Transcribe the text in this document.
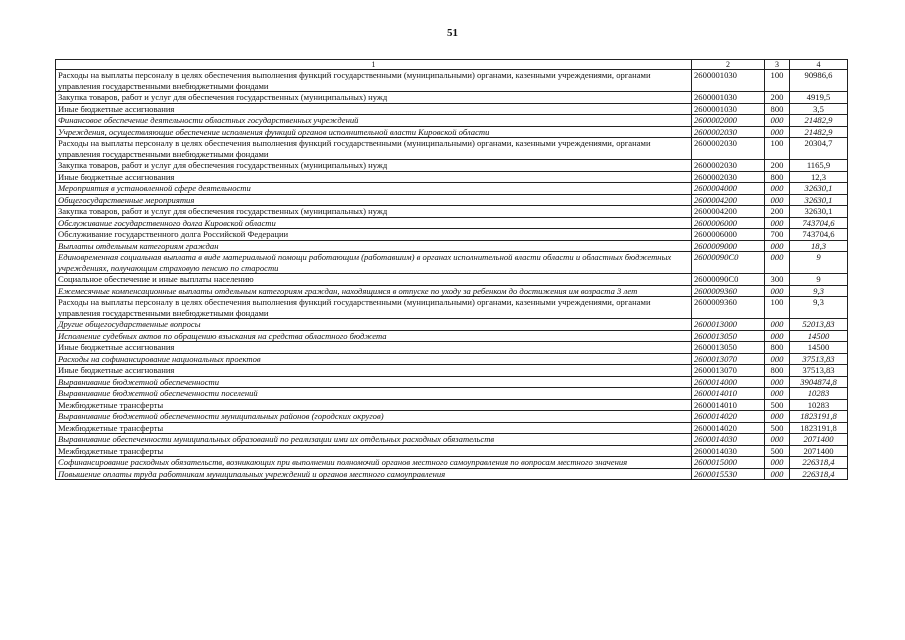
51
1	2	3	4
Расходы на выплаты персоналу в целях обеспечения выполнения функций государственными (муниципальными) органами, казенными учреждениями, органами управления государственными внебюджетными фондами	2600001030	100	90986,6
Закупка товаров, работ и услуг для обеспечения государственных (муниципальных) нужд	2600001030	200	4919,5
Иные бюджетные ассигнования	2600001030	800	3,5
Финансовое обеспечение деятельности областных государственных учреждений	2600002000	000	21482,9
Учреждения, осуществляющие обеспечение исполнения функций органов исполнительной власти Кировской области	2600002030	000	21482,9
Расходы на выплаты персоналу в целях обеспечения выполнения функций государственными (муниципальными) органами, казенными учреждениями, органами управления государственными внебюджетными фондами	2600002030	100	20304,7
Закупка товаров, работ и услуг для обеспечения государственных (муниципальных) нужд	2600002030	200	1165,9
Иные бюджетные ассигнования	2600002030	800	12,3
Мероприятия в установленной сфере деятельности	2600004000	000	32630,1
Общегосударственные мероприятия	2600004200	000	32630,1
Закупка товаров, работ и услуг для обеспечения государственных (муниципальных) нужд	2600004200	200	32630,1
Обслуживание государственного долга Кировской области	2600006000	000	743704,6
Обслуживание государственного долга Российской Федерации	2600006000	700	743704,6
Выплаты отдельным категориям граждан	2600009000	000	18,3
Единовременная социальная выплата в виде материальной помощи работающим (работавшим) в органах исполнительной власти области и областных бюджетных учреждениях, получающим страховую пенсию по старости	26000090С0	000	9
Социальное обеспечение и иные выплаты населению	26000090С0	300	9
Ежемесячные компенсационные выплаты отдельным категориям граждан, находящимся в отпуске по уходу за ребенком до достижения им возраста 3 лет	2600009360	000	9,3
Расходы на выплаты персоналу в целях обеспечения выполнения функций государственными (муниципальными) органами, казенными учреждениями, органами управления государственными внебюджетными фондами	2600009360	100	9,3
Другие общегосударственные вопросы	2600013000	000	52013,83
Исполнение судебных актов по обращению взыскания на средства областного бюджета	2600013050	000	14500
Иные бюджетные ассигнования	2600013050	800	14500
Расходы на софинансирование национальных проектов	2600013070	000	37513,83
Иные бюджетные ассигнования	2600013070	800	37513,83
Выравнивание бюджетной обеспеченности	2600014000	000	3904874,8
Выравнивание бюджетной обеспеченности поселений	2600014010	000	10283
Межбюджетные трансферты	2600014010	500	10283
Выравнивание бюджетной обеспеченности муниципальных районов (городских округов)	2600014020	000	1823191,8
Межбюджетные трансферты	2600014020	500	1823191,8
Выравнивание обеспеченности муниципальных образований по реализации ими их отдельных расходных обязательств	2600014030	000	2071400
Межбюджетные трансферты	2600014030	500	2071400
Софинансирование расходных обязательств, возникающих при выполнении полномочий органов местного самоуправления по вопросам местного значения	2600015000	000	226318,4
Повышение оплаты труда работникам муниципальных учреждений и органов местного самоуправления	2600015530	000	226318,4
